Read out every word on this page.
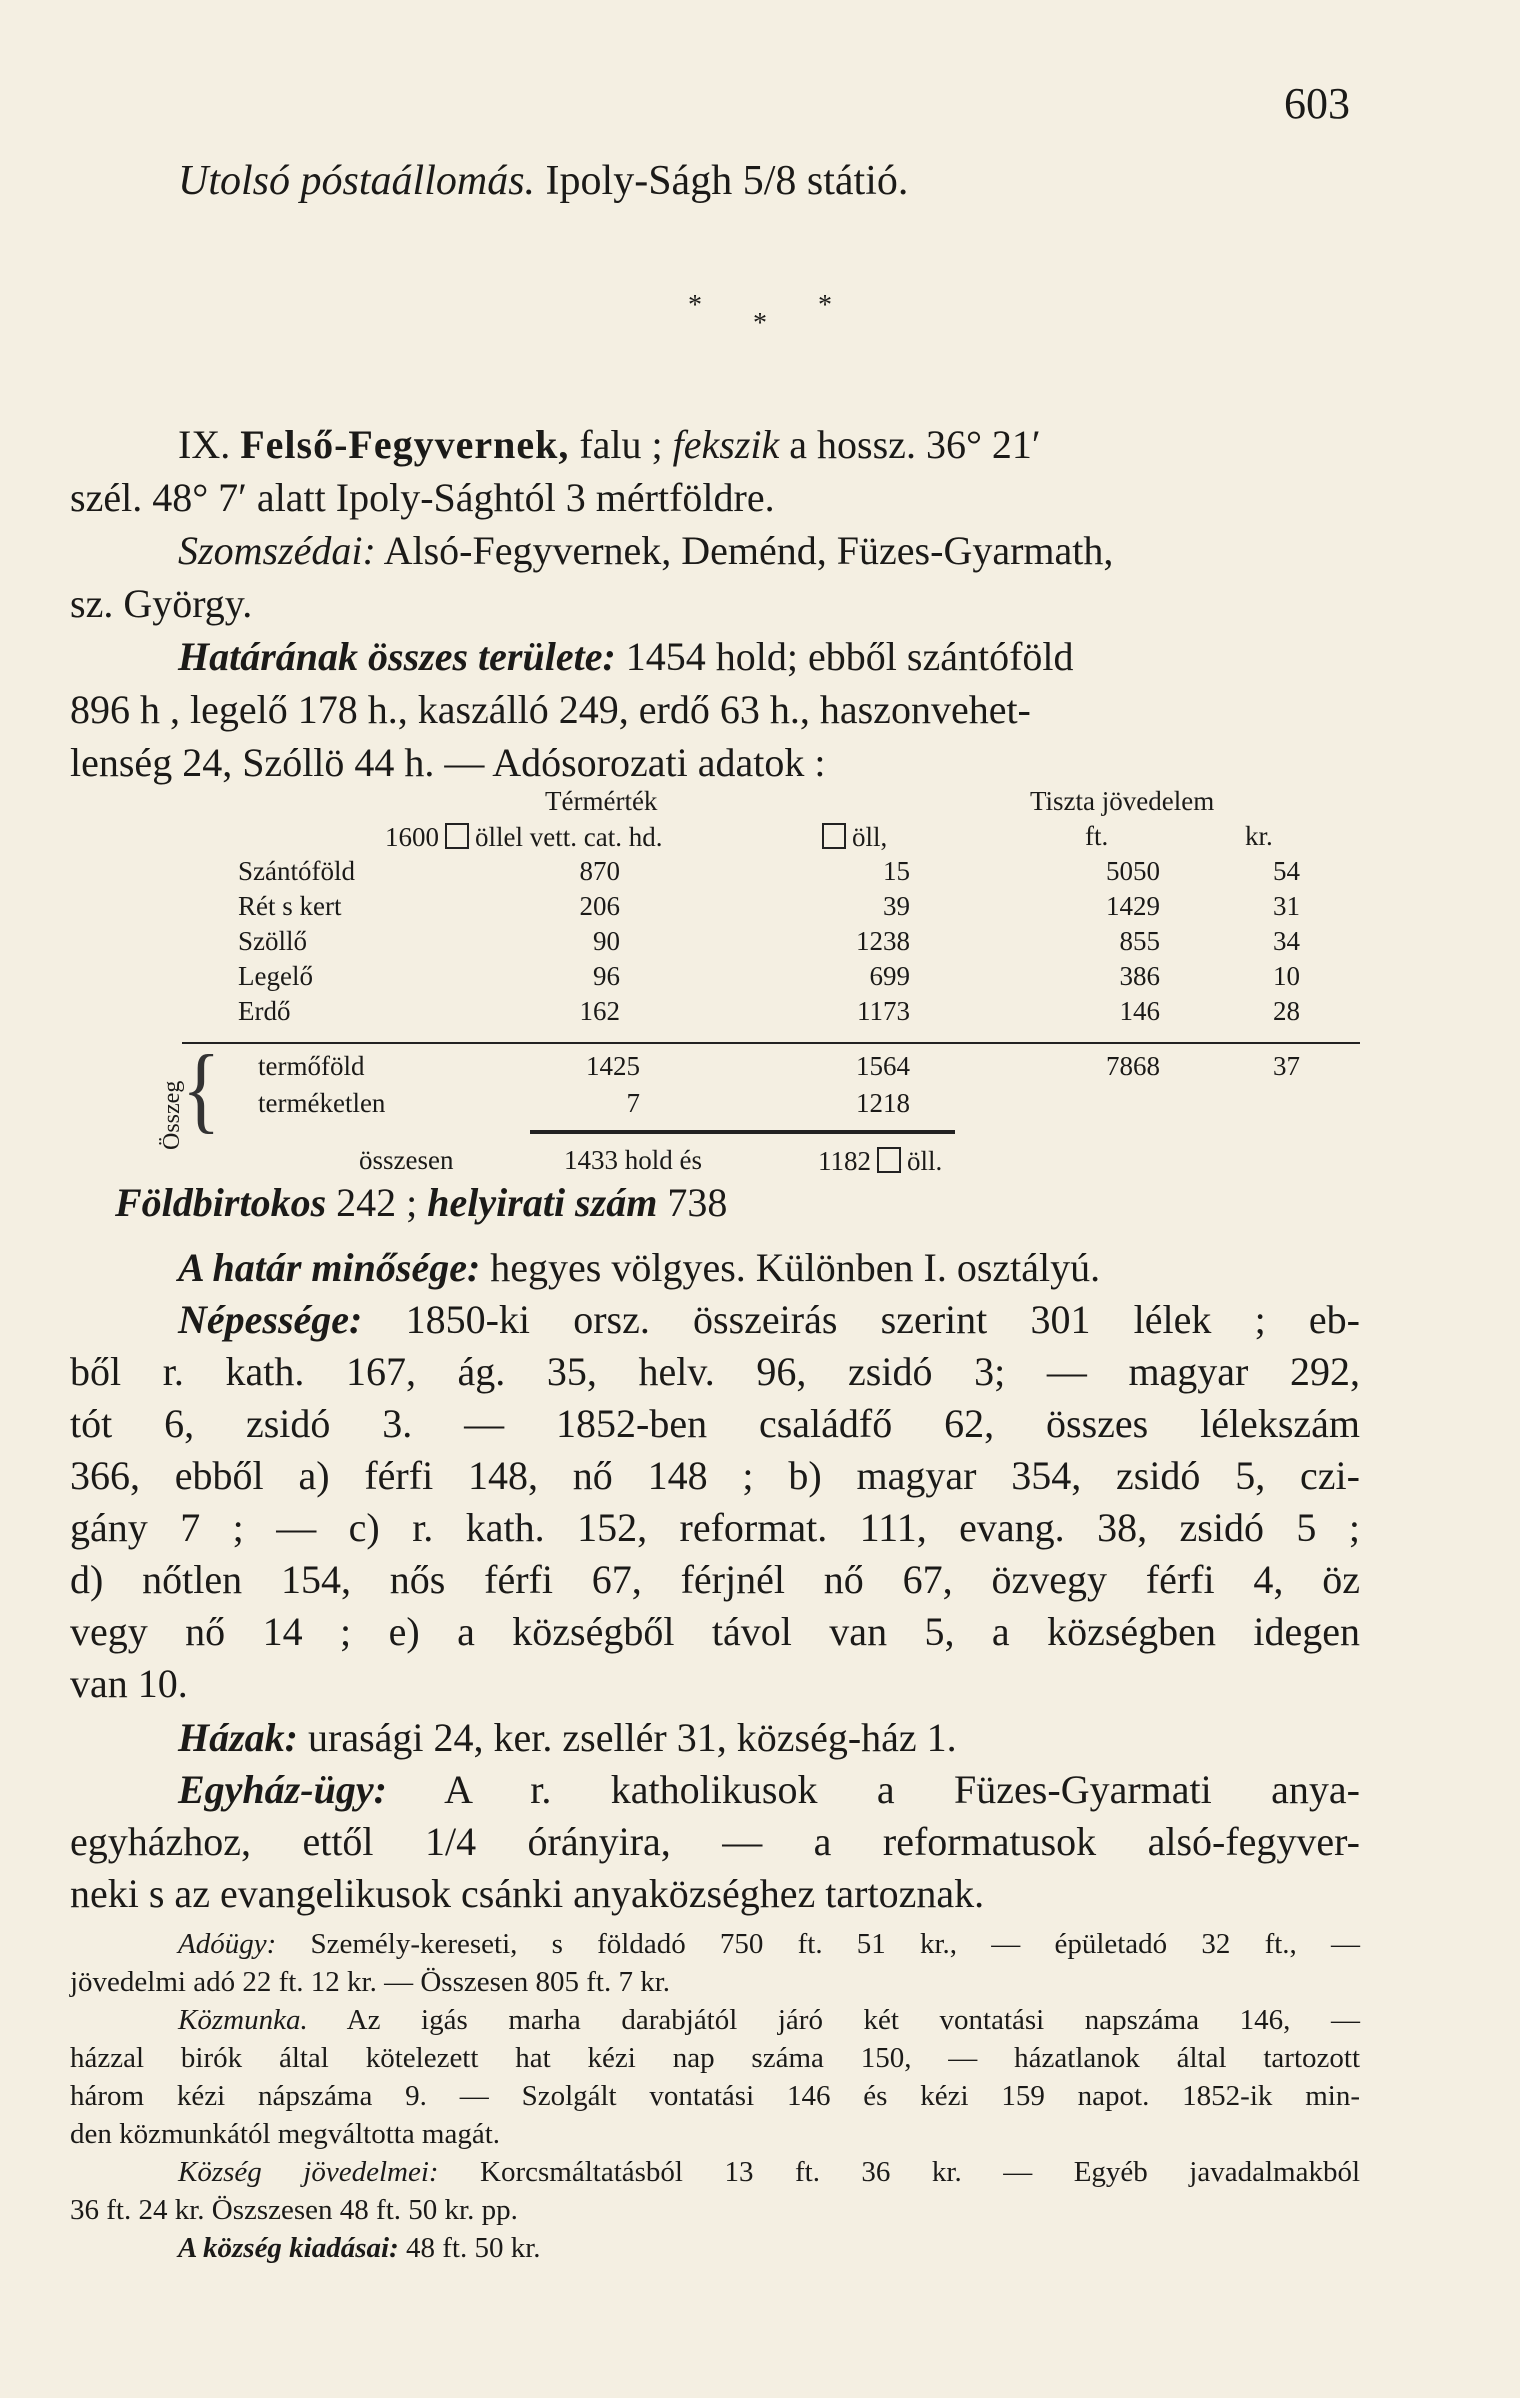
603
Utolsó póstaállomás. Ipoly-Ságh 5/8 státió.
* * *
IX. Felső-Fegyvernek, falu ; fekszik a hossz. 36° 21′
szél. 48° 7′ alatt Ipoly-Sághtól 3 mértföldre.
Szomszédai: Alsó-Fegyvernek, Deménd, Füzes-Gyarmath,
sz. György.
Határának összes területe: 1454 hold; ebből szántóföld
896 h , legelő 178 h., kaszálló 249, erdő 63 h., haszonvehet-
lenség 24, Szóllö 44 h. — Adósorozati adatok :
Térmérték	Tiszta jövedelem
1600 öllel vett. cat. hd.	öll,	ft.	kr.
Szántóföld	870	15	5050	54
Rét s kert	206	39	1429	31
Szöllő	90	1238	855	34
Legelő	96	699	386	10
Erdő	162	1173	146	28
Összeg
{ termőföld	1425	1564	7868	37
terméketlen	7	1218
összesen	1433 hold és	1182 öll.
Földbirtokos 242 ; helyirati szám 738
A határ minősége: hegyes völgyes. Különben I. osztályú.
Népessége: 1850-ki orsz. összeirás szerint 301 lélek ; eb-
ből r. kath. 167, ág. 35, helv. 96, zsidó 3; — magyar 292,
tót 6, zsidó 3. — 1852-ben családfő 62, összes lélekszám
366, ebből a) férfi 148, nő 148 ; b) magyar 354, zsidó 5, czi-
gány 7 ; — c) r. kath. 152, reformat. 111, evang. 38, zsidó 5 ;
d) nőtlen 154, nős férfi 67, férjnél nő 67, özvegy férfi 4, öz
vegy nő 14 ; e) a községből távol van 5, a községben idegen
van 10.
Házak: urasági 24, ker. zsellér 31, község-ház 1.
Egyház-ügy: A r. katholikusok a Füzes-Gyarmati anya-
egyházhoz, ettől 1/4 órányira, — a reformatusok alsó-fegyver-
neki s az evangelikusok csánki anyaközséghez tartoznak.
Adóügy: Személy-kereseti, s földadó 750 ft. 51 kr., — épületadó 32 ft., —
jövedelmi adó 22 ft. 12 kr. — Összesen 805 ft. 7 kr.
Közmunka. Az igás marha darabjától járó két vontatási napszáma 146, —
házzal birók által kötelezett hat kézi nap száma 150, — házatlanok által tartozott
három kézi nápszáma 9. — Szolgált vontatási 146 és kézi 159 napot. 1852-ik min-
den közmunkától megváltotta magát.
Község jövedelmei: Korcsmáltatásból 13 ft. 36 kr. — Egyéb javadalmakból
36 ft. 24 kr. Öszszesen 48 ft. 50 kr. pp.
A község kiadásai: 48 ft. 50 kr.
